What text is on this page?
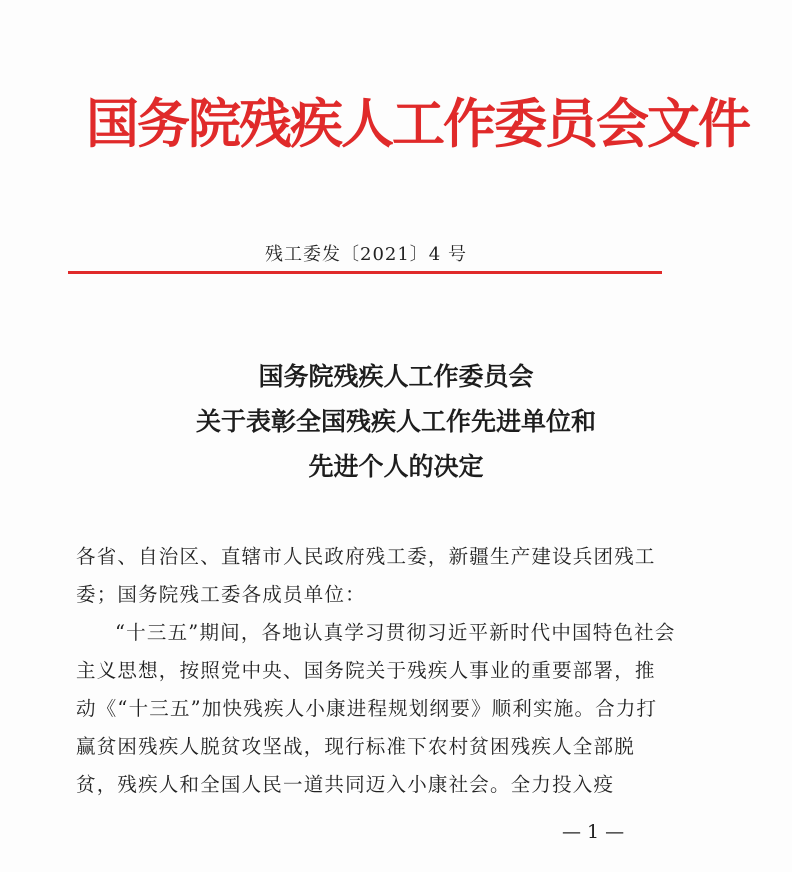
国务院残疾人工作委员会文件
残工委发〔2021〕4 号
国务院残疾人工作委员会
关于表彰全国残疾人工作先进单位和
先进个人的决定

各省、自治区、直辖市人民政府残工委，新疆生产建设兵团残工委；国务院残工委各成员单位：

“十三五”期间，各地认真学习贯彻习近平新时代中国特色社会主义思想，按照党中央、国务院关于残疾人事业的重要部署，推动《“十三五”加快残疾人小康进程规划纲要》顺利实施。合力打赢贫困残疾人脱贫攻坚战，现行标准下农村贫困残疾人全部脱贫，残疾人和全国人民一道共同迈入小康社会。全力投入疫

— 1 —
